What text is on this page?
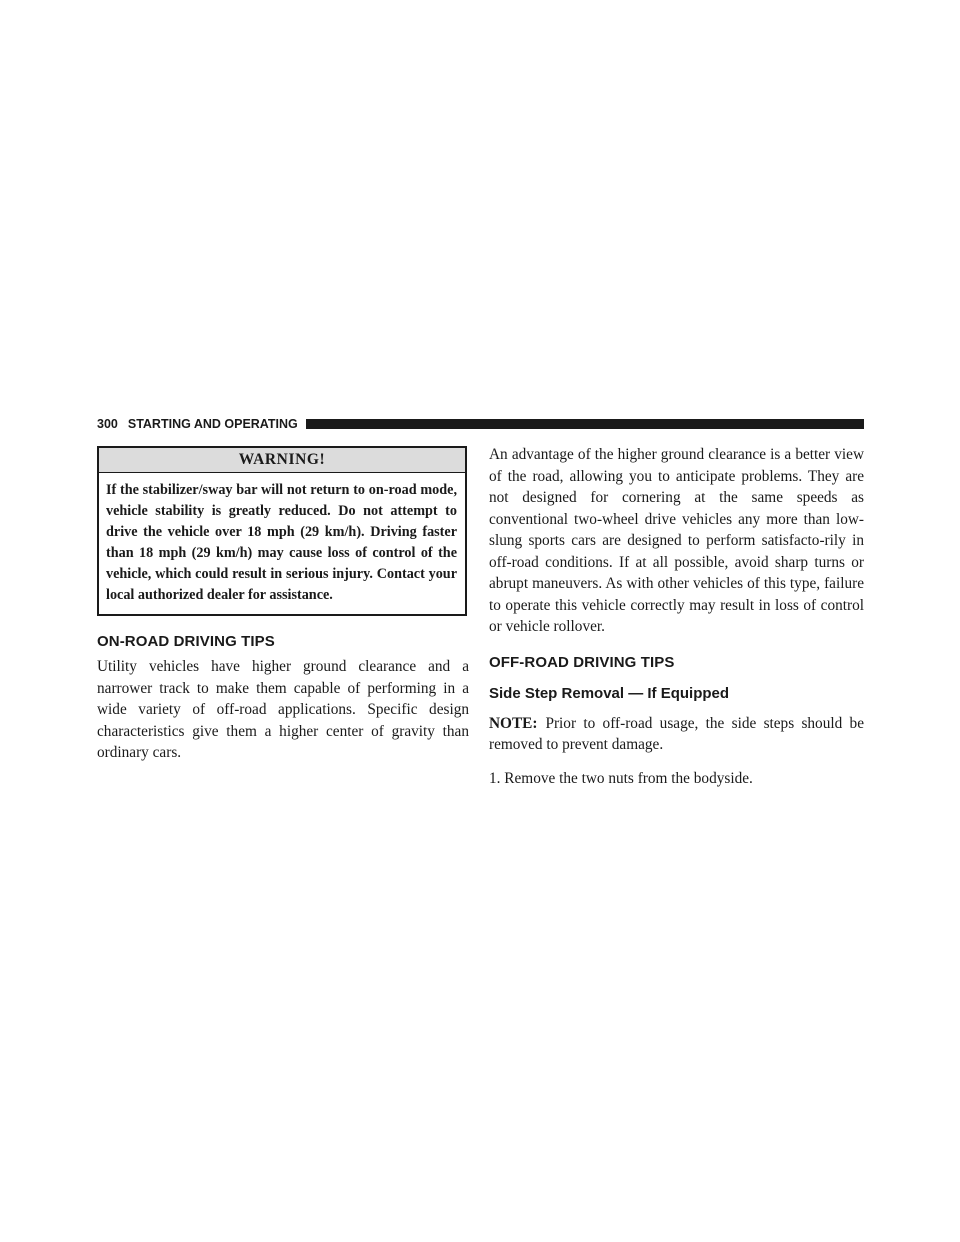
300 STARTING AND OPERATING
WARNING!

If the stabilizer/sway bar will not return to on-road mode, vehicle stability is greatly reduced. Do not attempt to drive the vehicle over 18 mph (29 km/h). Driving faster than 18 mph (29 km/h) may cause loss of control of the vehicle, which could result in serious injury. Contact your local authorized dealer for assistance.

ON-ROAD DRIVING TIPS

Utility vehicles have higher ground clearance and a narrower track to make them capable of performing in a wide variety of off-road applications. Specific design characteristics give them a higher center of gravity than ordinary cars.

An advantage of the higher ground clearance is a better view of the road, allowing you to anticipate problems. They are not designed for cornering at the same speeds as conventional two-wheel drive vehicles any more than low-slung sports cars are designed to perform satisfacto-rily in off-road conditions. If at all possible, avoid sharp turns or abrupt maneuvers. As with other vehicles of this type, failure to operate this vehicle correctly may result in loss of control or vehicle rollover.

OFF-ROAD DRIVING TIPS
Side Step Removal — If Equipped

NOTE: Prior to off-road usage, the side steps should be removed to prevent damage.

1. Remove the two nuts from the bodyside.
